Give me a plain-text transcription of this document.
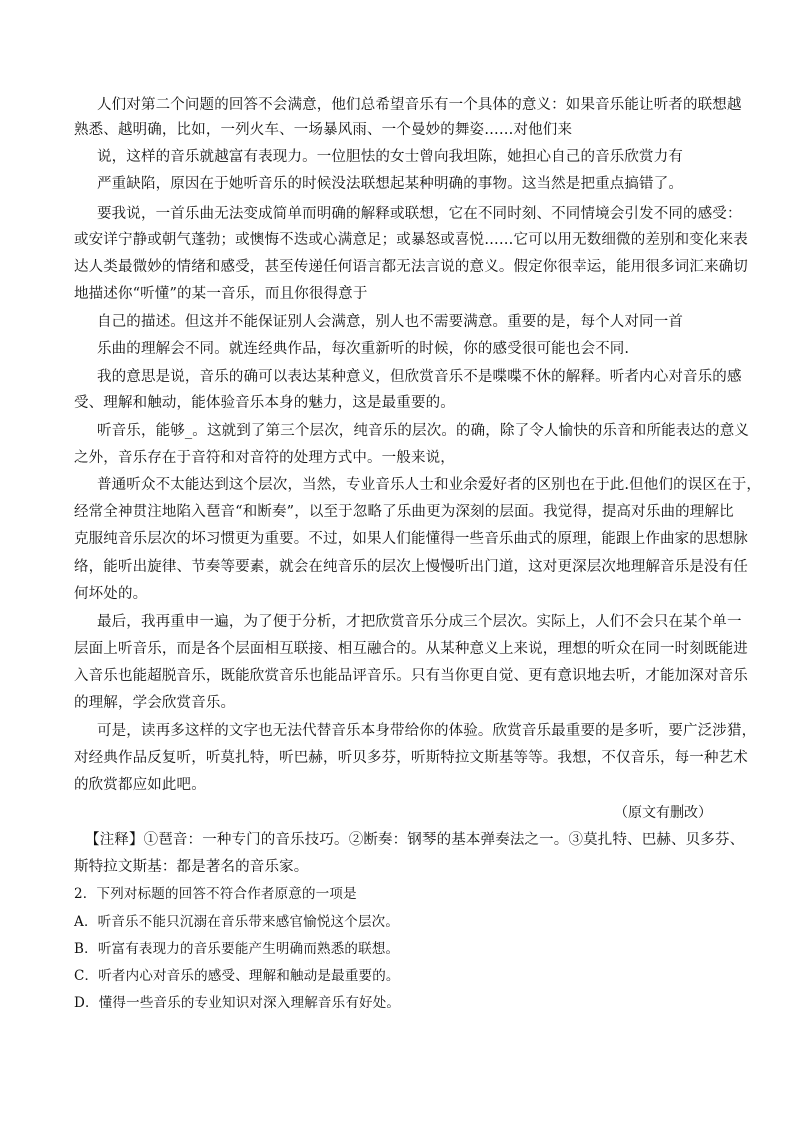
人们对第二个问题的回答不会满意，他们总希望音乐有一个具体的意义：如果音乐能让听者的联想越
熟悉、越明确，比如，一列火车、一场暴风雨、一个曼妙的舞姿……对他们来
说，这样的音乐就越富有表现力。一位胆怯的女士曾向我坦陈，她担心自己的音乐欣赏力有
严重缺陷，原因在于她听音乐的时候没法联想起某种明确的事物。这当然是把重点搞错了。
要我说，一首乐曲无法变成简单而明确的解释或联想，它在不同时刻、不同情境会引发不同的感受：
或安详宁静或朝气蓬勃；或懊悔不迭或心满意足；或暴怒或喜悦……它可以用无数细微的差别和变化来表
达人类最微妙的情绪和感受，甚至传递任何语言都无法言说的意义。假定你很幸运，能用很多词汇来确切
地描述你“听懂”的某一音乐，而且你很得意于
自己的描述。但这并不能保证别人会满意，别人也不需要满意。重要的是，每个人对同一首
乐曲的理解会不同。就连经典作品，每次重新听的时候，你的感受很可能也会不同.
我的意思是说，音乐的确可以表达某种意义，但欣赏音乐不是喋喋不休的解释。听者内心对音乐的感
受、理解和触动，能体验音乐本身的魅力，这是最重要的。
听音乐，能够_。这就到了第三个层次，纯音乐的层次。的确，除了令人愉快的乐音和所能表达的意义
之外，音乐存在于音符和对音符的处理方式中。一般来说，
普通听众不太能达到这个层次，当然，专业音乐人士和业余爱好者的区别也在于此.但他们的误区在于，
经常全神贯注地陷入琶音“和断奏”，以至于忽略了乐曲更为深刻的层面。我觉得，提高对乐曲的理解比
克服纯音乐层次的坏习惯更为重要。不过，如果人们能懂得一些音乐曲式的原理，能跟上作曲家的思想脉
络，能听出旋律、节奏等要素，就会在纯音乐的层次上慢慢听出门道，这对更深层次地理解音乐是没有任
何坏处的。
最后，我再重申一遍，为了便于分析，才把欣赏音乐分成三个层次。实际上，人们不会只在某个单一
层面上听音乐，而是各个层面相互联接、相互融合的。从某种意义上来说，理想的听众在同一时刻既能进
入音乐也能超脱音乐，既能欣赏音乐也能品评音乐。只有当你更自觉、更有意识地去听，才能加深对音乐
的理解，学会欣赏音乐。
可是，读再多这样的文字也无法代替音乐本身带给你的体验。欣赏音乐最重要的是多听，要广泛涉猎，
对经典作品反复听，听莫扎特，听巴赫，听贝多芬，听斯特拉文斯基等等。我想，不仅音乐，每一种艺术
的欣赏都应如此吧。
（原文有删改）
【注释】①琶音：一种专门的音乐技巧。②断奏：钢琴的基本弹奏法之一。③莫扎特、巴赫、贝多芬、
斯特拉文斯基：都是著名的音乐家。
2．下列对标题的回答不符合作者原意的一项是
A．听音乐不能只沉溺在音乐带来感官愉悦这个层次。
B．听富有表现力的音乐要能产生明确而熟悉的联想。
C．听者内心对音乐的感受、理解和触动是最重要的。
D．懂得一些音乐的专业知识对深入理解音乐有好处。
